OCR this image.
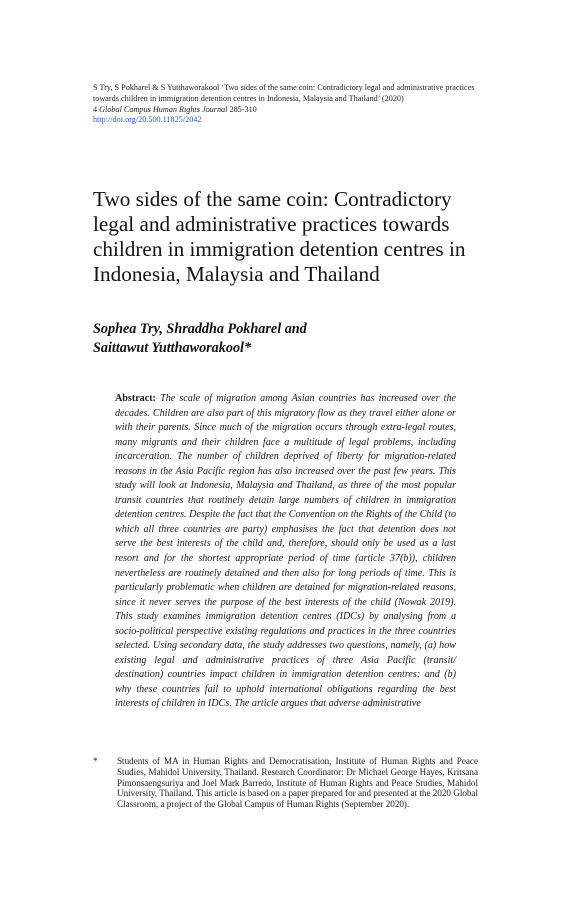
S Try, S Pokharel & S Yutthaworakool ‘Two sides of the same coin: Contradictory legal and administrative practices towards children in immigration detention centres in Indonesia, Malaysia and Thailand’ (2020)
4 Global Campus Human Rights Journal 285-310
http://doi.org/20.500.11825/2042
Two sides of the same coin: Contradictory legal and administrative practices towards children in immigration detention centres in Indonesia, Malaysia and Thailand
Sophea Try, Shraddha Pokharel and
Saittawut Yutthaworakool*

Abstract: The scale of migration among Asian countries has increased over the decades. Children are also part of this migratory flow as they travel either alone or with their parents. Since much of the migration occurs through extra-legal routes, many migrants and their children face a multitude of legal problems, including incarceration. The number of children deprived of liberty for migration-related reasons in the Asia Pacific region has also increased over the past few years. This study will look at Indonesia, Malaysia and Thailand, as three of the most popular transit countries that routinely detain large numbers of children in immigration detention centres. Despite the fact that the Convention on the Rights of the Child (to which all three countries are party) emphasises the fact that detention does not serve the best interests of the child and, therefore, should only be used as a last resort and for the shortest appropriate period of time (article 37(b)), children nevertheless are routinely detained and then also for long periods of time. This is particularly problematic when children are detained for migration-related reasons, since it never serves the purpose of the best interests of the child (Nowak 2019). This study examines immigration detention centres (IDCs) by analysing from a socio-political perspective existing regulations and practices in the three countries selected. Using secondary data, the study addresses two questions, namely, (a) how existing legal and administrative practices of three Asia Pacific (transit/ destination) countries impact children in immigration detention centres; and (b) why these countries fail to uphold international obligations regarding the best interests of children in IDCs. The article argues that adverse administrative

* Students of MA in Human Rights and Democratisation, Institute of Human Rights and Peace Studies, Mahidol University, Thailand. Research Coordinator: Dr Michael George Hayes, Kritsana Pimonsaengsuriya and Joel Mark Barredo, Institute of Human Rights and Peace Studies, Mahidol University, Thailand. This article is based on a paper prepared for and presented at the 2020 Global Classroom, a project of the Global Campus of Human Rights (September 2020).
